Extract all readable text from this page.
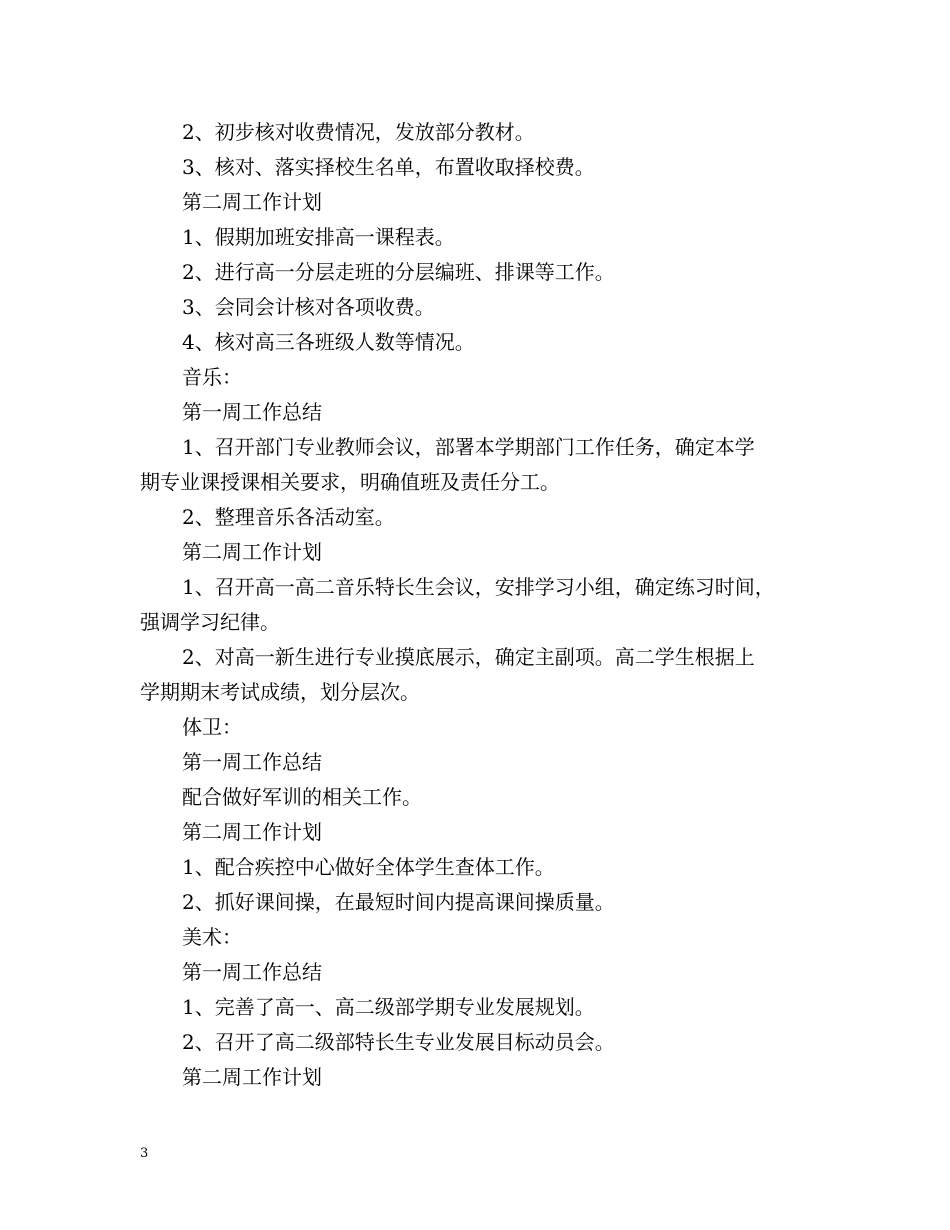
2、初步核对收费情况，发放部分教材。
3、核对、落实择校生名单，布置收取择校费。
第二周工作计划
1、假期加班安排高一课程表。
2、进行高一分层走班的分层编班、排课等工作。
3、会同会计核对各项收费。
4、核对高三各班级人数等情况。
音乐：
第一周工作总结
1、召开部门专业教师会议，部署本学期部门工作任务，确定本学
期专业课授课相关要求，明确值班及责任分工。
2、整理音乐各活动室。
第二周工作计划
1、召开高一高二音乐特长生会议，安排学习小组，确定练习时间，
强调学习纪律。
2、对高一新生进行专业摸底展示，确定主副项。高二学生根据上
学期期末考试成绩，划分层次。
体卫：
第一周工作总结
配合做好军训的相关工作。
第二周工作计划
1、配合疾控中心做好全体学生查体工作。
2、抓好课间操，在最短时间内提高课间操质量。
美术：
第一周工作总结
1、完善了高一、高二级部学期专业发展规划。
2、召开了高二级部特长生专业发展目标动员会。
第二周工作计划
3
